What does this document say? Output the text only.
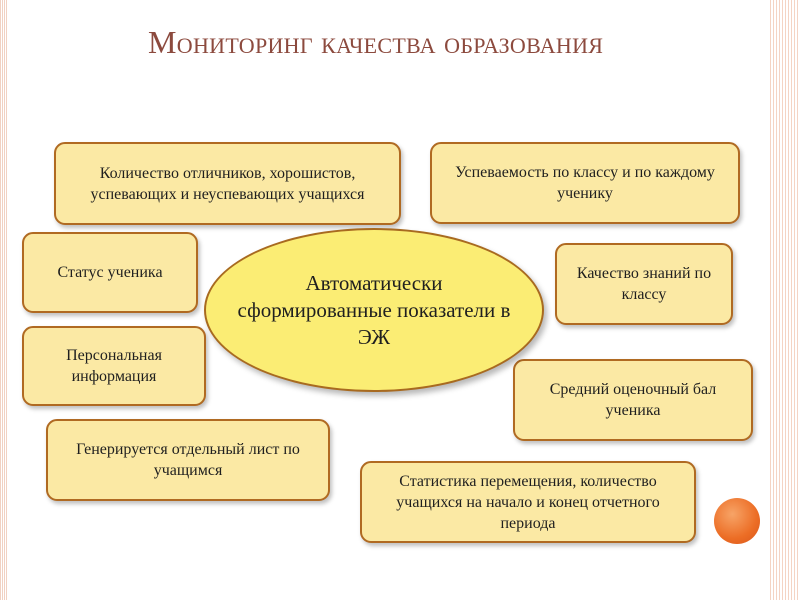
Мониторинг качества образования
Количество отличников, хорошистов, успевающих и неуспевающих учащихся
Успеваемость по классу и по каждому ученику
Статус ученика	Качество знаний по классу
Персональная информация
Средний оценочный бал ученика
Генерируется отдельный лист по учащимся
Статистика перемещения, количество учащихся на начало и конец отчетного периода
Автоматически сформированные показатели в ЭЖ
